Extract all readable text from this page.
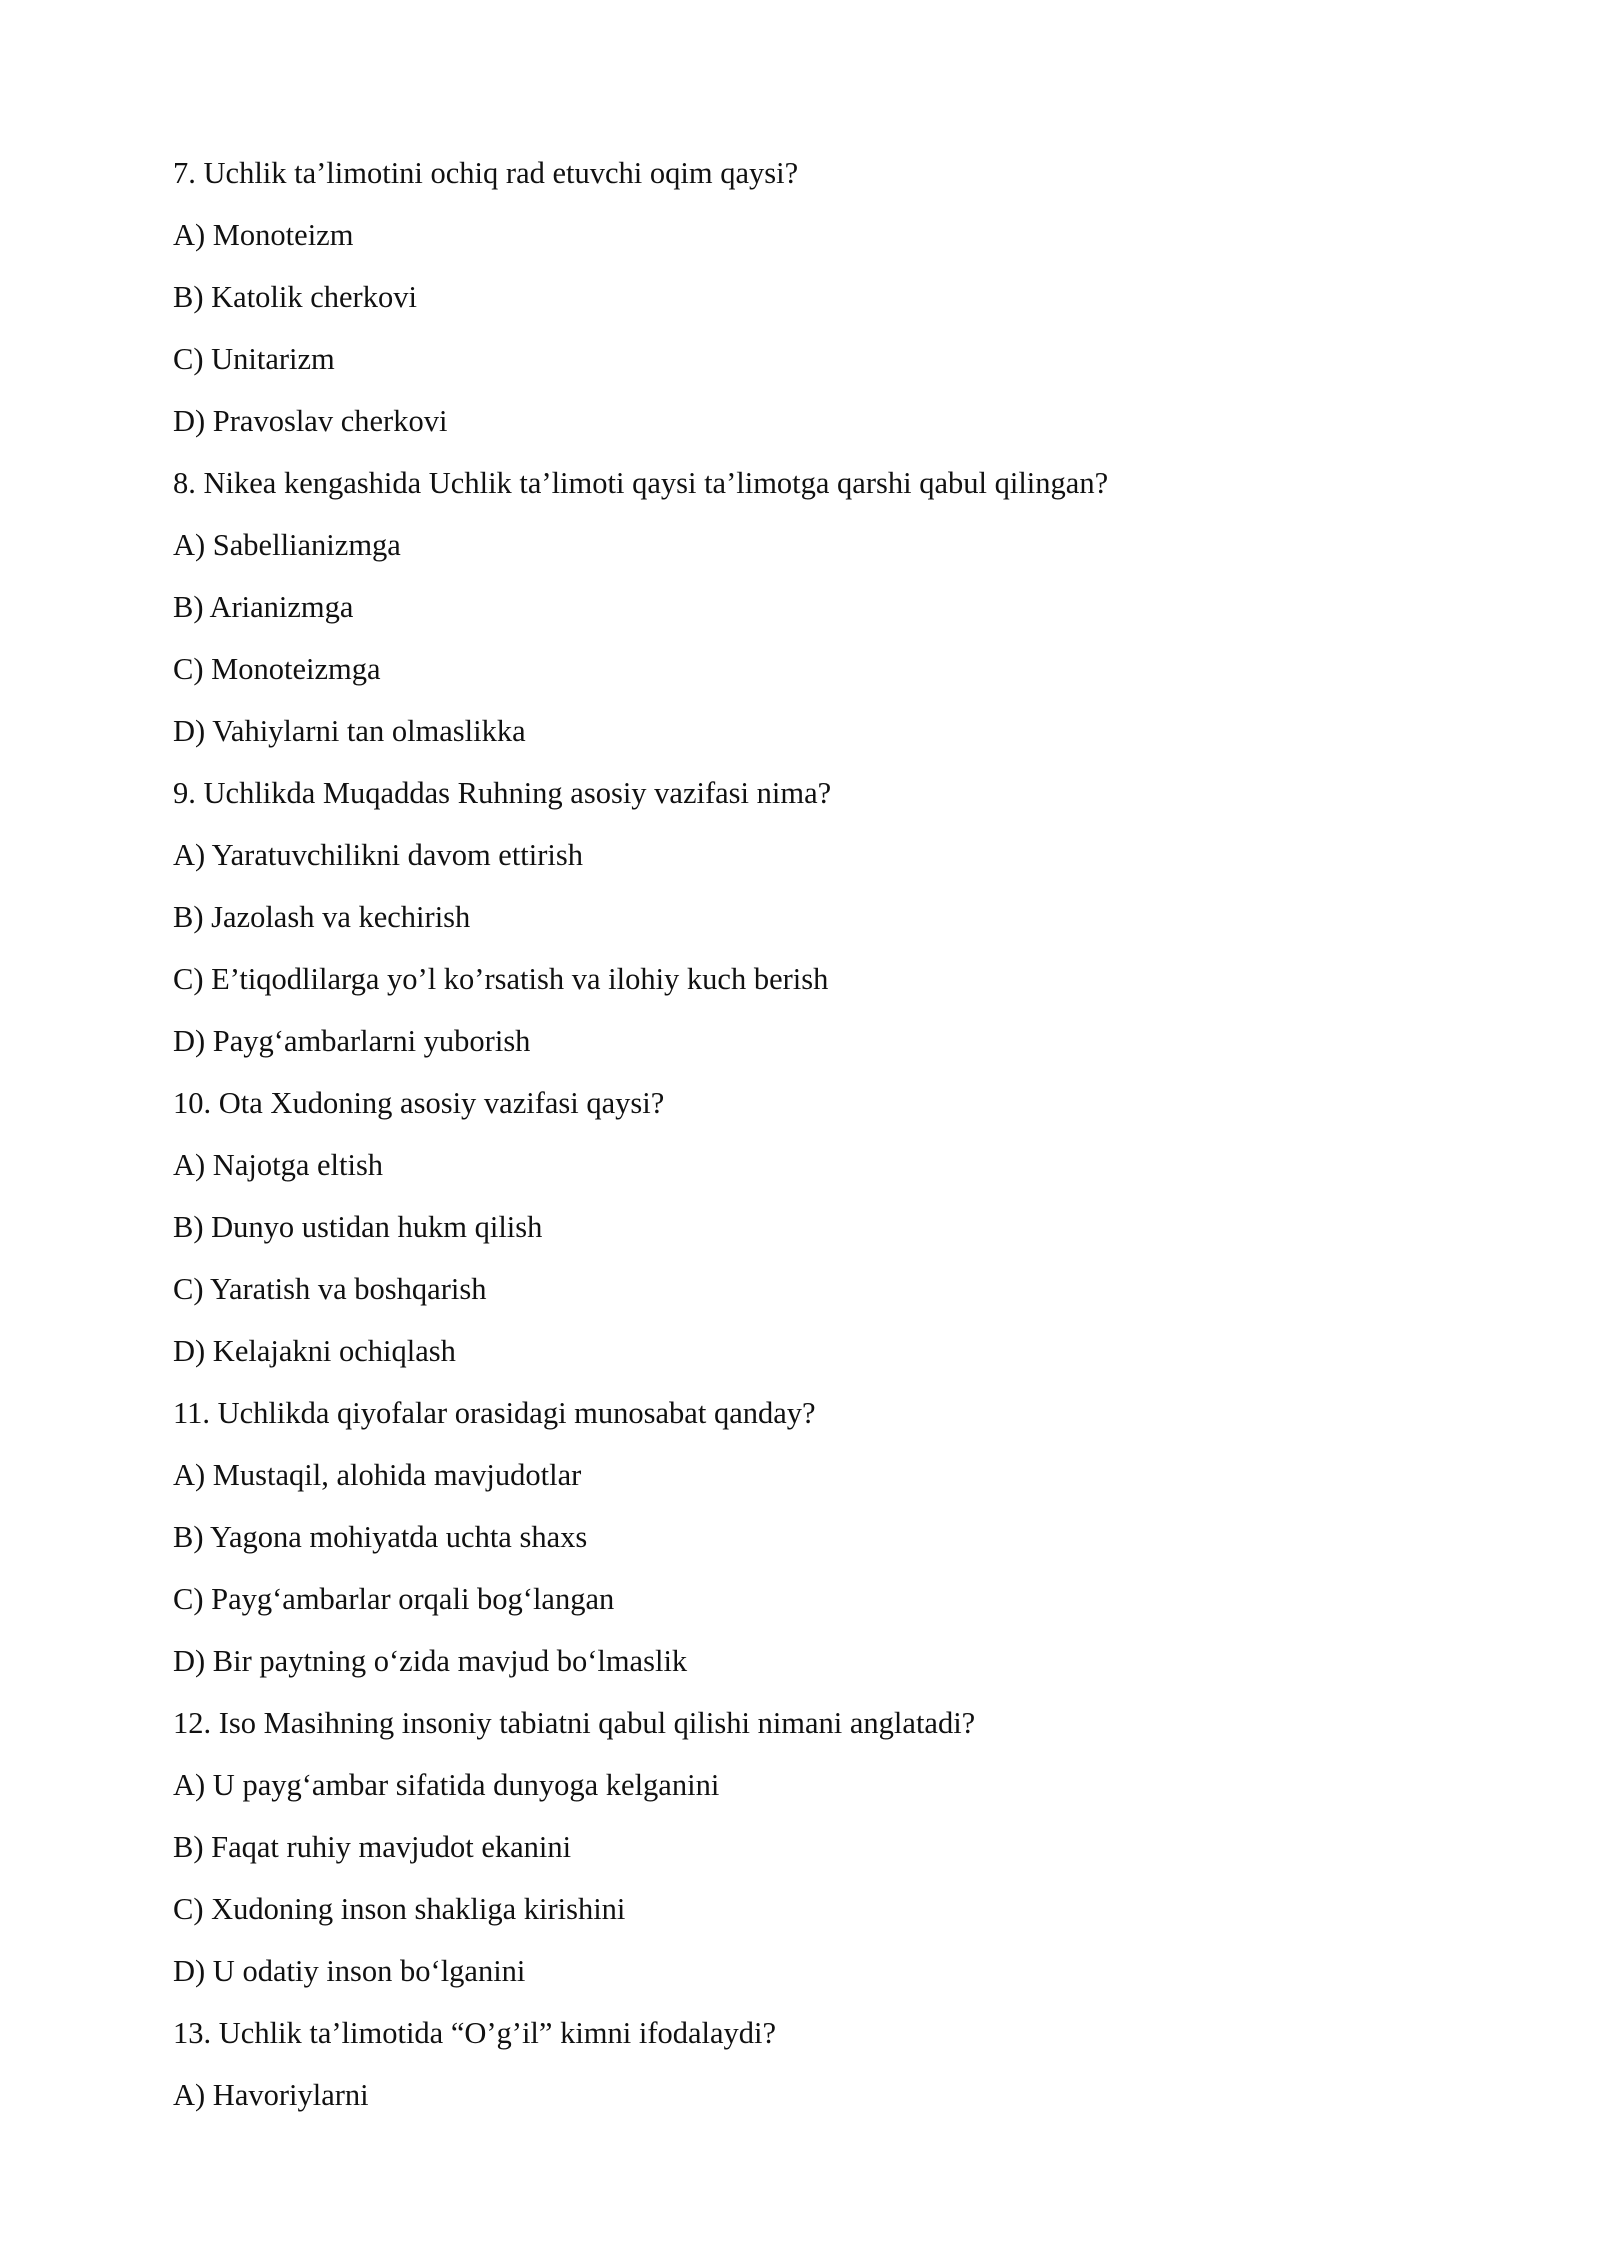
7. Uchlik ta’limotini ochiq rad etuvchi oqim qaysi?
A) Monoteizm
B) Katolik cherkovi
C) Unitarizm
D) Pravoslav cherkovi
8. Nikea kengashida Uchlik ta’limoti qaysi ta’limotga qarshi qabul qilingan?
A) Sabellianizmga
B) Arianizmga
C) Monoteizmga
D) Vahiylarni tan olmaslikka
9. Uchlikda Muqaddas Ruhning asosiy vazifasi nima?
A) Yaratuvchilikni davom ettirish
B) Jazolash va kechirish
C) E’tiqodlilarga yo’l ko’rsatish va ilohiy kuch berish
D) Payg‘ambarlarni yuborish
10. Ota Xudoning asosiy vazifasi qaysi?
A) Najotga eltish
B) Dunyo ustidan hukm qilish
C) Yaratish va boshqarish
D) Kelajakni ochiqlash
11. Uchlikda qiyofalar orasidagi munosabat qanday?
A) Mustaqil, alohida mavjudotlar
B) Yagona mohiyatda uchta shaxs
C) Payg‘ambarlar orqali bog‘langan
D) Bir paytning o‘zida mavjud bo‘lmaslik
12. Iso Masihning insoniy tabiatni qabul qilishi nimani anglatadi?
A) U payg‘ambar sifatida dunyoga kelganini
B) Faqat ruhiy mavjudot ekanini
C) Xudoning inson shakliga kirishini
D) U odatiy inson bo‘lganini
13. Uchlik ta’limotida “O’g’il” kimni ifodalaydi?
A) Havoriylarni
